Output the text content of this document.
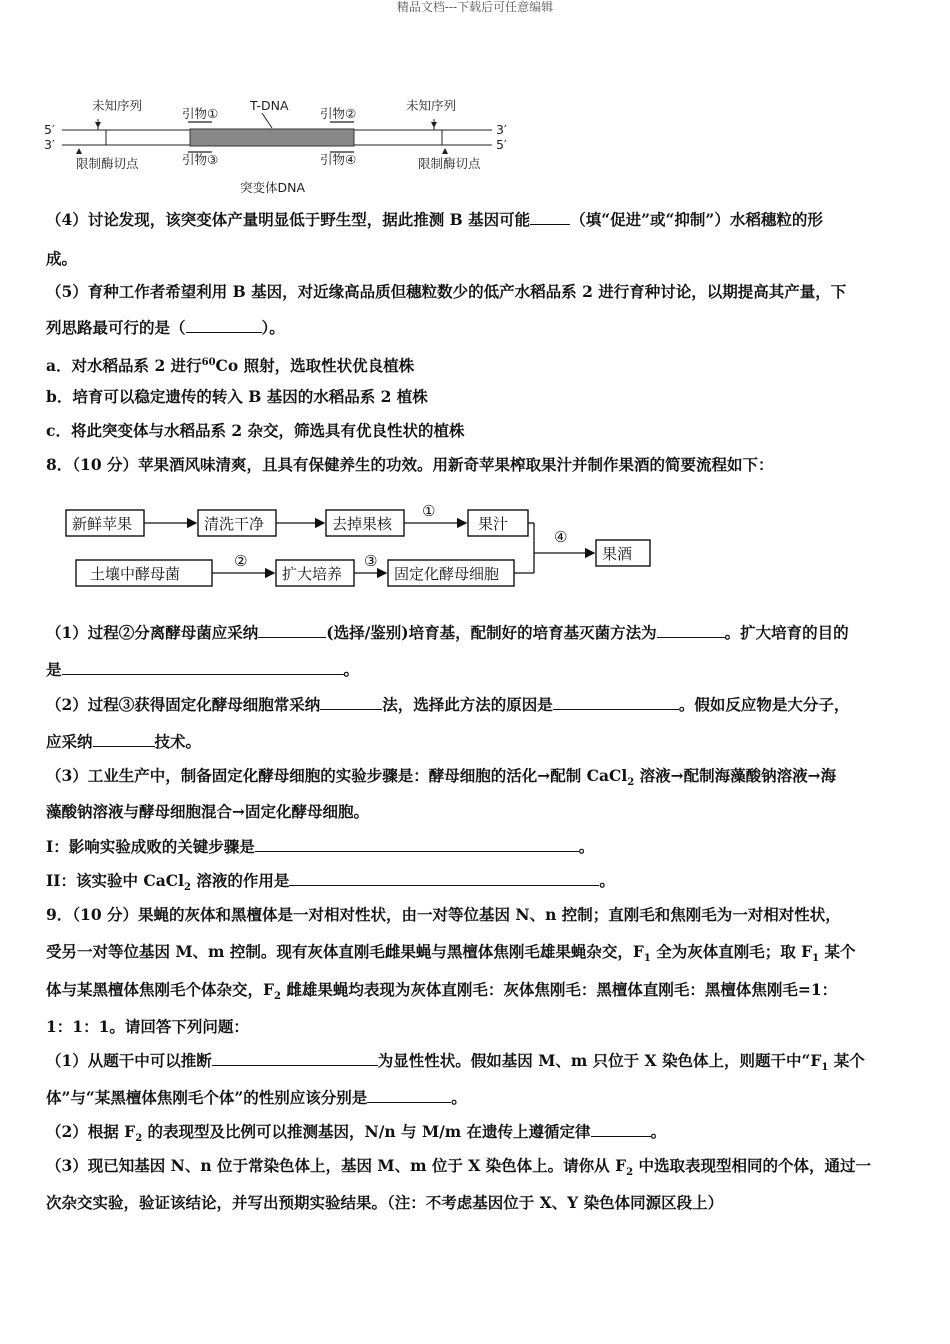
精品文档---下载后可任意编辑
未知序列
引物①
T-DNA
引物②
未知序列
5′
3′
3′
5′
限制酶切点	引物③	引物④	限制酶切点
突变体DNA
（4）讨论发现，该突变体产量明显低于野生型，据此推测 B 基因可能	（填“促进”或“抑制”）水稻穗粒的形
成。
（5）育种工作者希望利用 B 基因，对近缘高品质但穗粒数少的低产水稻品系 2 进行育种讨论，以期提高其产量，下
列思路最可行的是（	）。
a．对水稻品系 2 进行$^{60}$Co 照射，选取性状优良植株
b．培育可以稳定遗传的转入 B 基因的水稻品系 2 植株
c．将此突变体与水稻品系 2 杂交，筛选具有优良性状的植株
8．（10 分）苹果酒风味清爽，且具有保健养生的功效。用新奇苹果榨取果汁并制作果酒的简要流程如下：
新鲜苹果	清洗干净	去掉果核
①
果汁
土壤中酵母菌
②
扩大培养
③
固定化酵母细胞
④
果酒
（1）过程②分离酵母菌应采纳	(选择/鉴别)培育基，配制好的培育基灭菌方法为	。扩大培育的目的
是	。
（2）过程③获得固定化酵母细胞常采纳	法，选择此方法的原因是	。假如反应物是大分子，
应采纳	技术。
（3）工业生产中，制备固定化酵母细胞的实验步骤是：酵母细胞的活化→配制 CaCl$_2$ 溶液→配制海藻酸钠溶液→海
藻酸钠溶液与酵母细胞混合→固定化酵母细胞。
I：影响实验成败的关键步骤是	。
II：该实验中 CaCl$_2$ 溶液的作用是	。
9．（10 分）果蝇的灰体和黑檀体是一对相对性状，由一对等位基因 N、n 控制；直刚毛和焦刚毛为一对相对性状，
受另一对等位基因 M、m 控制。现有灰体直刚毛雌果蝇与黑檀体焦刚毛雄果蝇杂交，$F_1$ 全为灰体直刚毛；取 $F_1$ 某个
体与某黑檀体焦刚毛个体杂交，$F_2$ 雌雄果蝇均表现为灰体直刚毛：灰体焦刚毛：黑檀体直刚毛：黑檀体焦刚毛=1：
1：1：1。请回答下列问题：
（1）从题干中可以推断	为显性性状。假如基因 M、m 只位于 X 染色体上，则题干中“$F_1$ 某个
体”与“某黑檀体焦刚毛个体”的性别应该分别是	。
（2）根据 $F_2$ 的表现型及比例可以推测基因，N/n 与 M/m 在遗传上遵循定律	。
（3）现已知基因 N、n 位于常染色体上，基因 M、m 位于 X 染色体上。请你从 $F_2$ 中选取表现型相同的个体，通过一
次杂交实验，验证该结论，并写出预期实验结果。（注：不考虑基因位于 X、Y 染色体同源区段上）
